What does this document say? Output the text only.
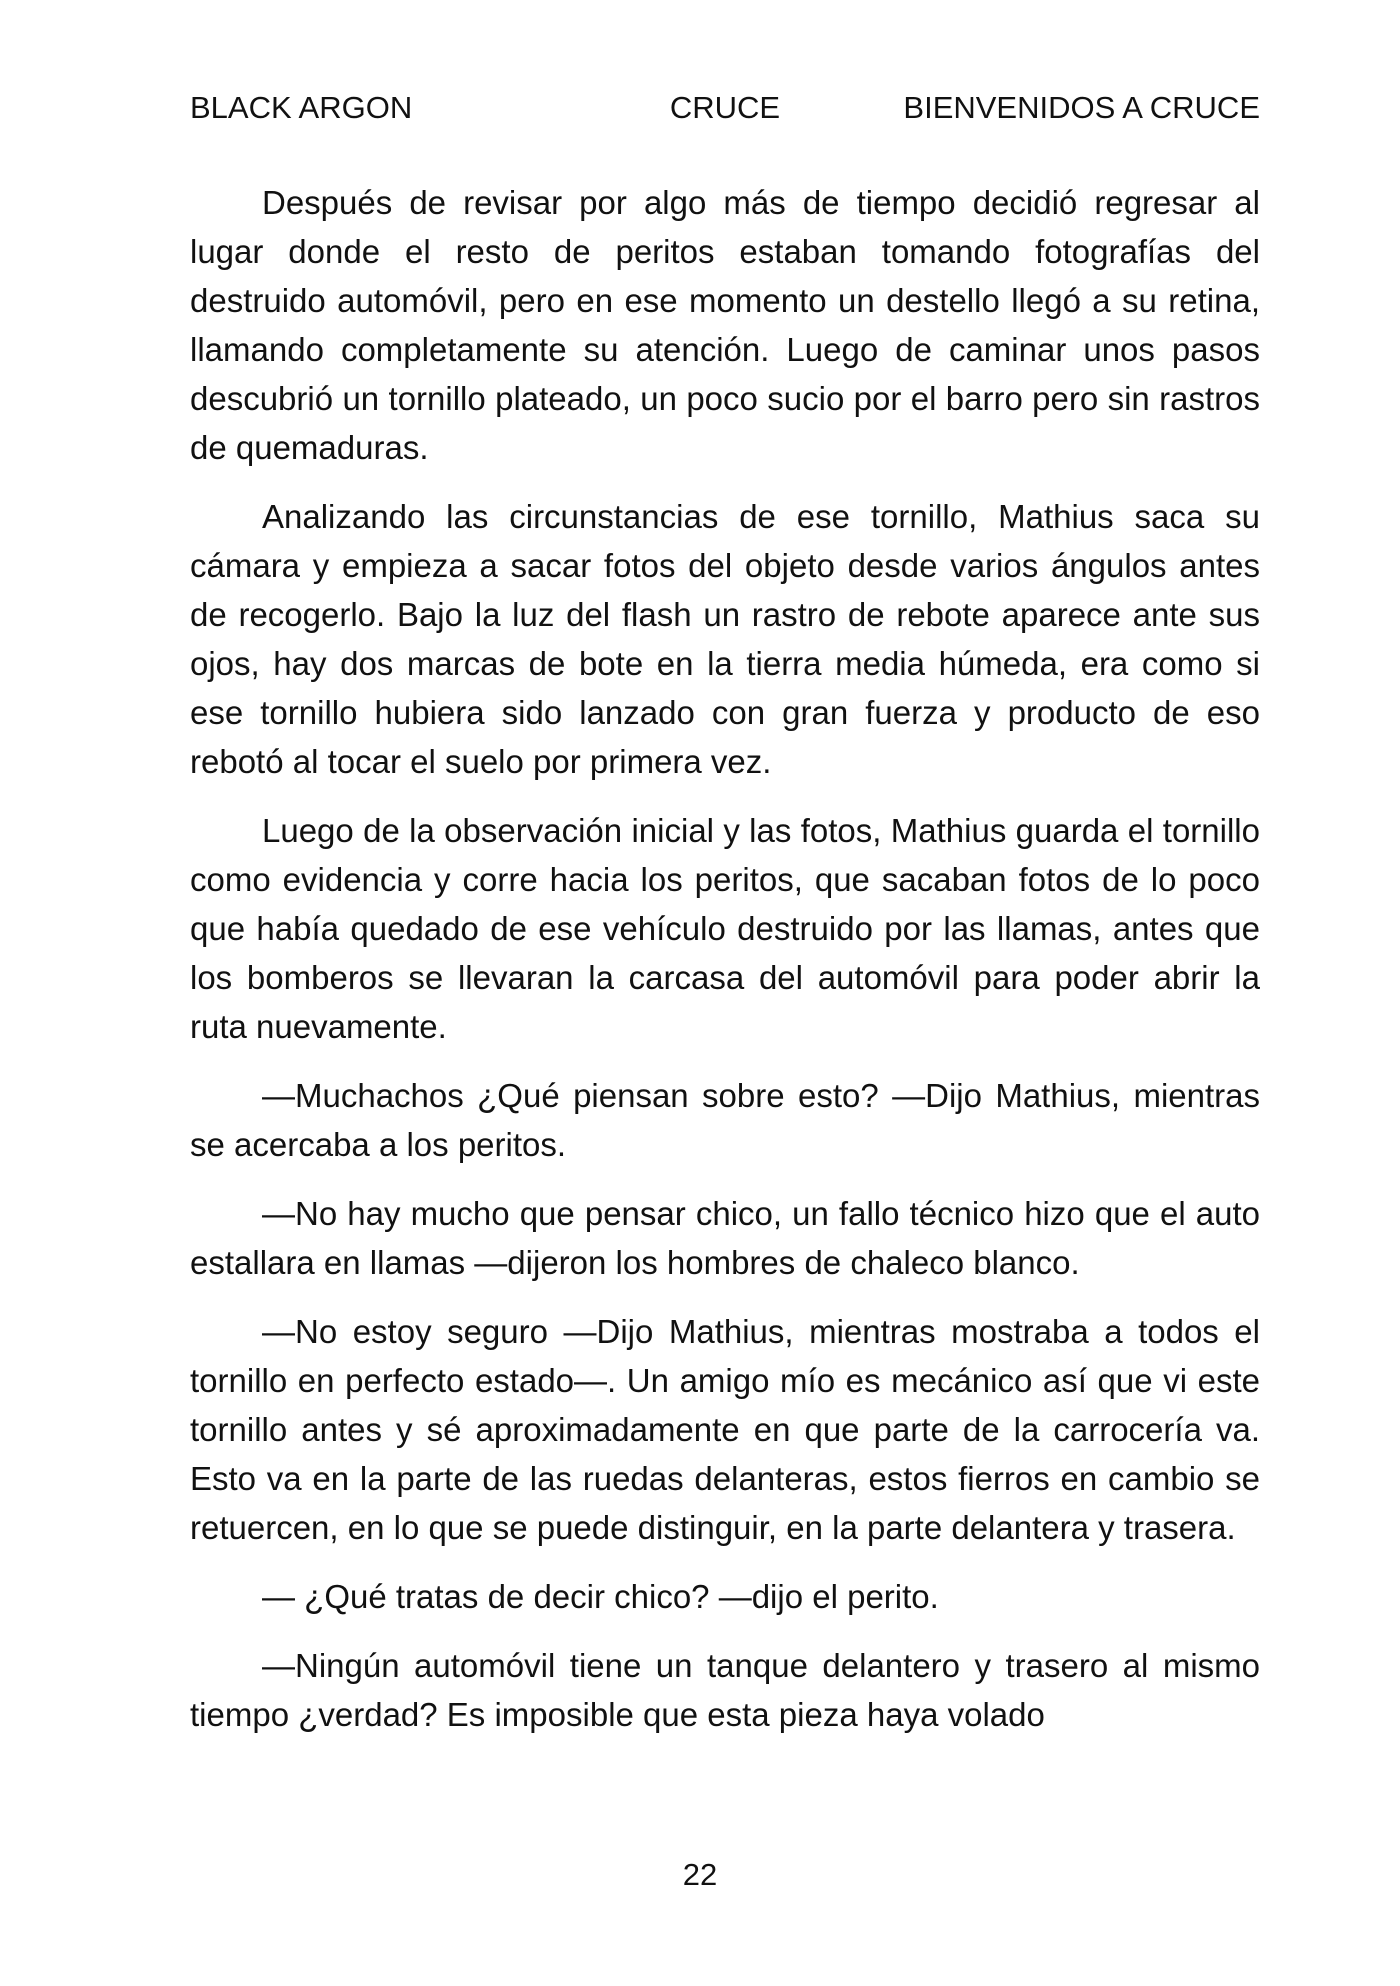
BLACK ARGON	CRUCE	BIENVENIDOS A CRUCE

Después de revisar por algo más de tiempo decidió regresar al lugar donde el resto de peritos estaban tomando fotografías del destruido automóvil, pero en ese momento un destello llegó a su retina, llamando completamente su atención. Luego de caminar unos pasos descubrió un tornillo plateado, un poco sucio por el barro pero sin rastros de quemaduras.

Analizando las circunstancias de ese tornillo, Mathius saca su cámara y empieza a sacar fotos del objeto desde varios ángulos antes de recogerlo. Bajo la luz del flash un rastro de rebote aparece ante sus ojos, hay dos marcas de bote en la tierra media húmeda, era como si ese tornillo hubiera sido lanzado con gran fuerza y producto de eso rebotó al tocar el suelo por primera vez.

Luego de la observación inicial y las fotos, Mathius guarda el tornillo como evidencia y corre hacia los peritos, que sacaban fotos de lo poco que había quedado de ese vehículo destruido por las llamas, antes que los bomberos se llevaran la carcasa del automóvil para poder abrir la ruta nuevamente.

—Muchachos ¿Qué piensan sobre esto? —Dijo Mathius, mientras se acercaba a los peritos.

—No hay mucho que pensar chico, un fallo técnico hizo que el auto estallara en llamas —dijeron los hombres de chaleco blanco.

—No estoy seguro —Dijo Mathius, mientras mostraba a todos el tornillo en perfecto estado—. Un amigo mío es mecánico así que vi este tornillo antes y sé aproximadamente en que parte de la carrocería va. Esto va en la parte de las ruedas delanteras, estos fierros en cambio se retuercen, en lo que se puede distinguir, en la parte delantera y trasera.

— ¿Qué tratas de decir chico? —dijo el perito.

—Ningún automóvil tiene un tanque delantero y trasero al mismo tiempo ¿verdad? Es imposible que esta pieza haya volado

22
